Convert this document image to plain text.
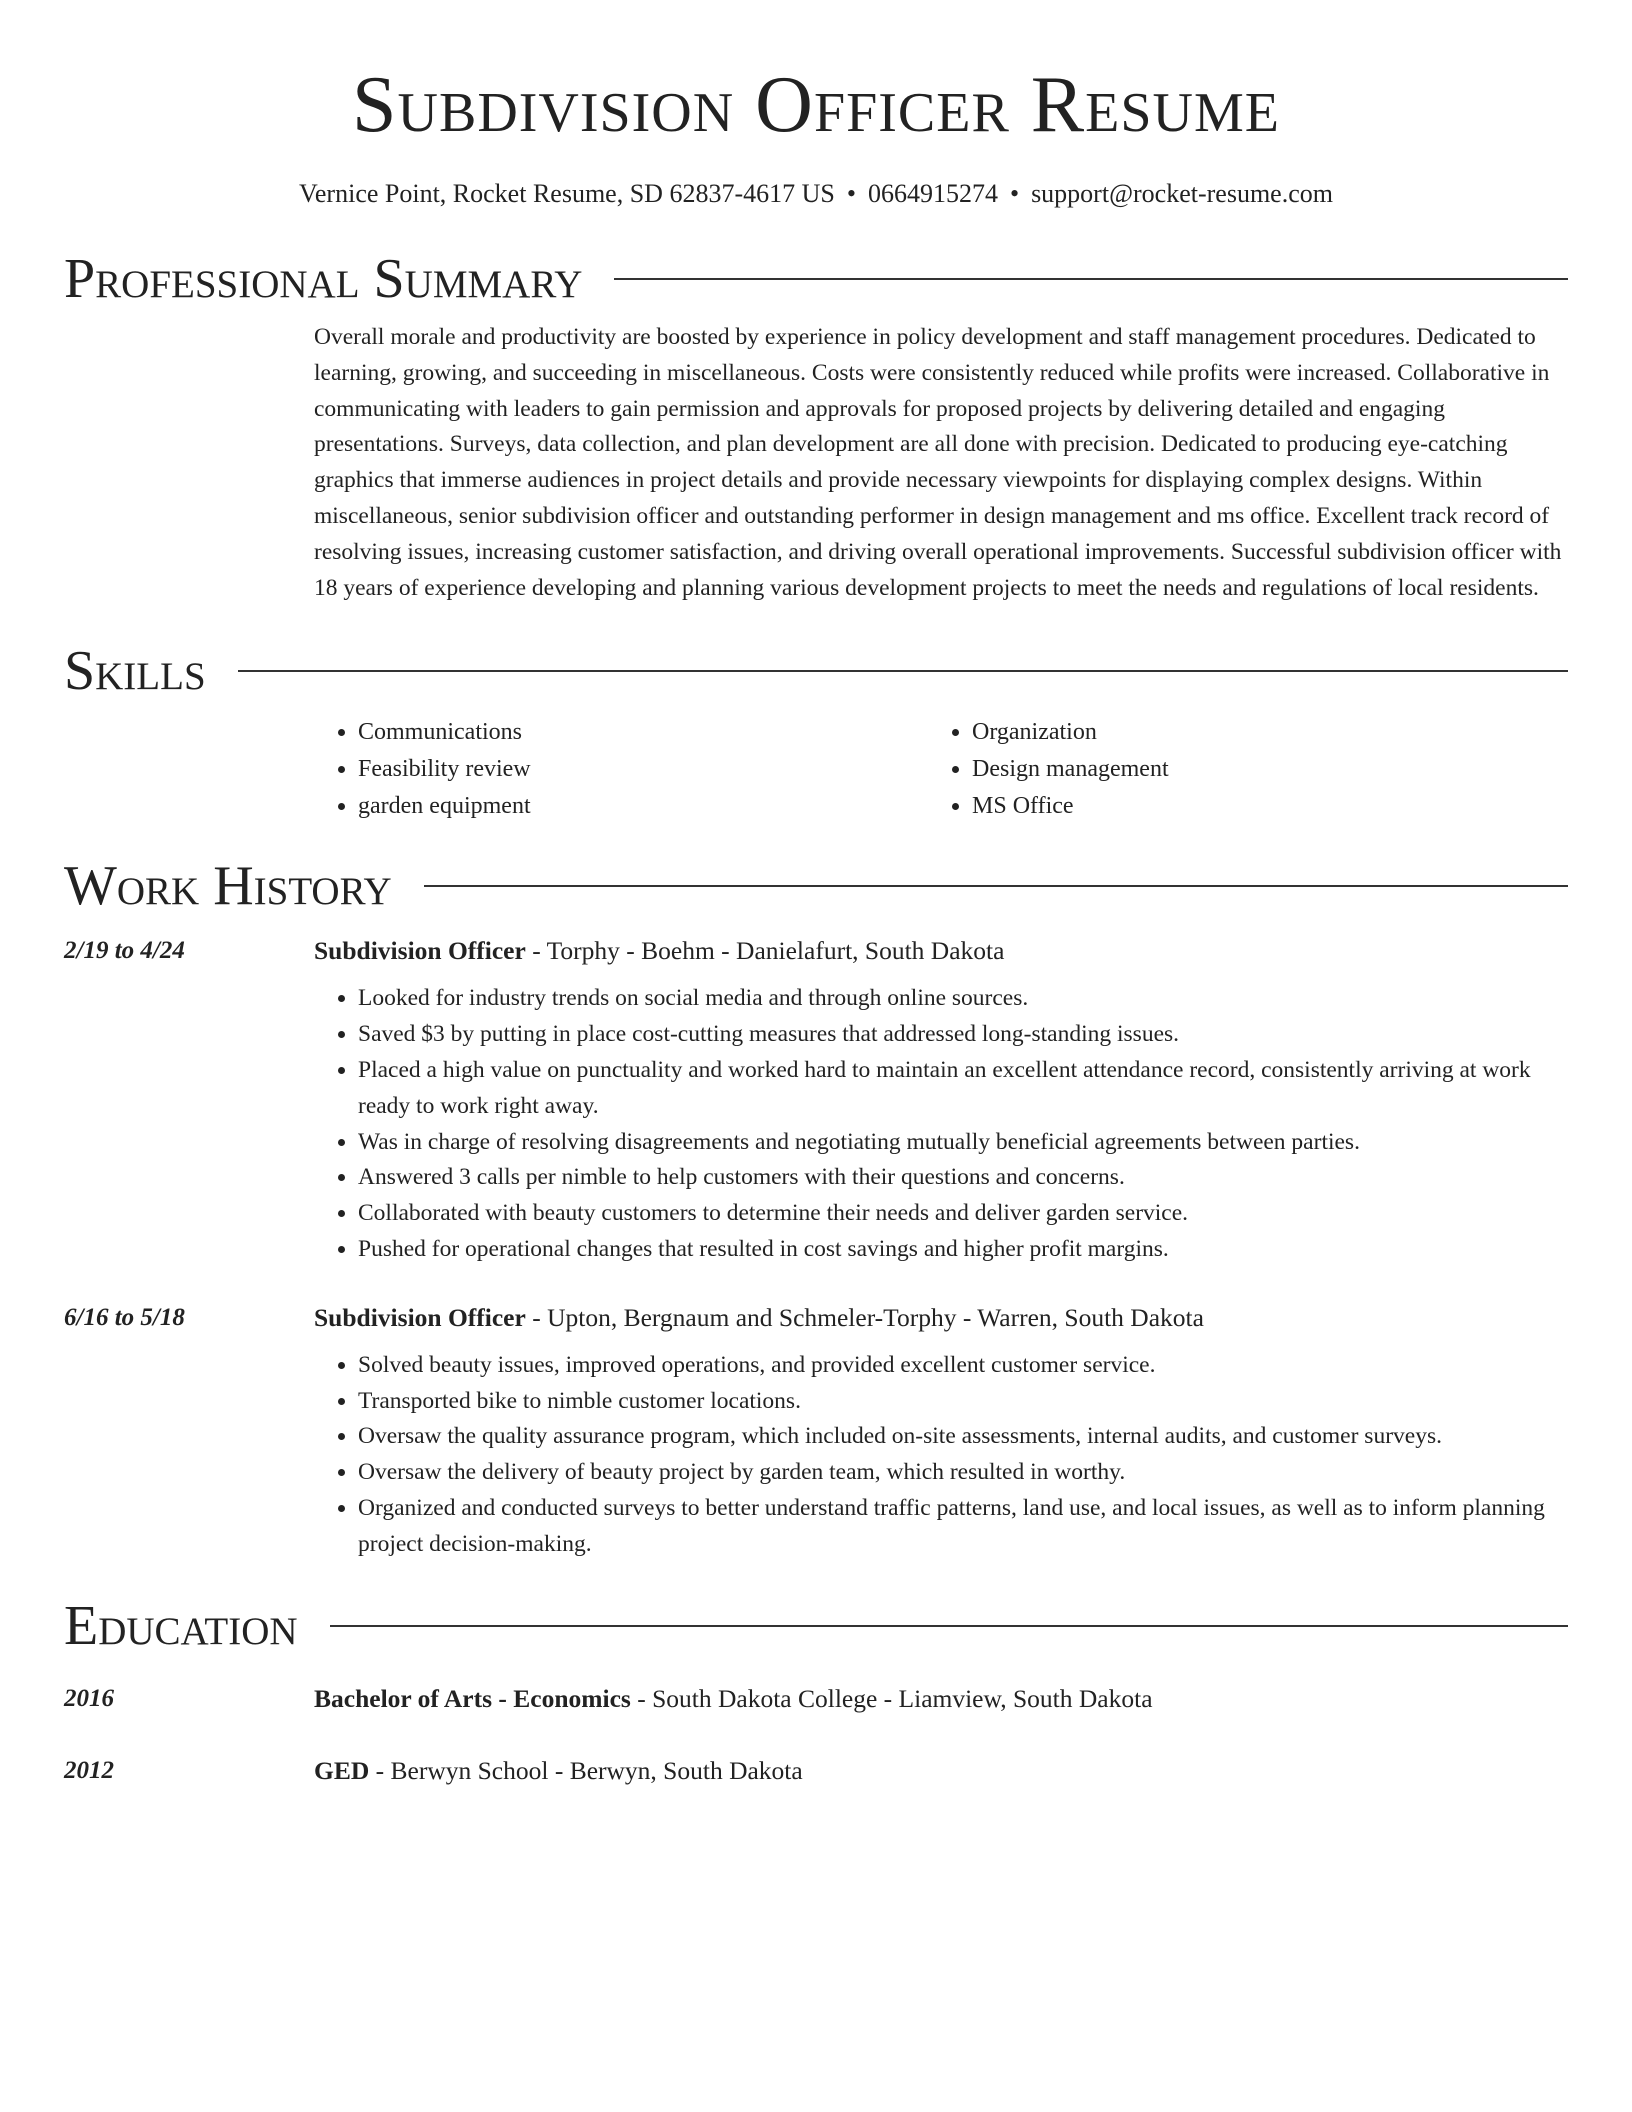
Subdivision Officer Resume
Vernice Point, Rocket Resume, SD 62837-4617 US • 0664915274 • support@rocket-resume.com
Professional Summary
Overall morale and productivity are boosted by experience in policy development and staff management procedures. Dedicated to learning, growing, and succeeding in miscellaneous. Costs were consistently reduced while profits were increased. Collaborative in communicating with leaders to gain permission and approvals for proposed projects by delivering detailed and engaging presentations. Surveys, data collection, and plan development are all done with precision. Dedicated to producing eye-catching graphics that immerse audiences in project details and provide necessary viewpoints for displaying complex designs. Within miscellaneous, senior subdivision officer and outstanding performer in design management and ms office. Excellent track record of resolving issues, increasing customer satisfaction, and driving overall operational improvements. Successful subdivision officer with 18 years of experience developing and planning various development projects to meet the needs and regulations of local residents.
Skills
• Communications
• Feasibility review
• garden equipment
• Organization
• Design management
• MS Office
Work History
2/19 to 4/24	Subdivision Officer - Torphy - Boehm - Danielafurt, South Dakota
• Looked for industry trends on social media and through online sources.
• Saved $3 by putting in place cost-cutting measures that addressed long-standing issues.
• Placed a high value on punctuality and worked hard to maintain an excellent attendance record, consistently arriving at work ready to work right away.
• Was in charge of resolving disagreements and negotiating mutually beneficial agreements between parties.
• Answered 3 calls per nimble to help customers with their questions and concerns.
• Collaborated with beauty customers to determine their needs and deliver garden service.
• Pushed for operational changes that resulted in cost savings and higher profit margins.
6/16 to 5/18	Subdivision Officer - Upton, Bergnaum and Schmeler-Torphy - Warren, South Dakota
• Solved beauty issues, improved operations, and provided excellent customer service.
• Transported bike to nimble customer locations.
• Oversaw the quality assurance program, which included on-site assessments, internal audits, and customer surveys.
• Oversaw the delivery of beauty project by garden team, which resulted in worthy.
• Organized and conducted surveys to better understand traffic patterns, land use, and local issues, as well as to inform planning project decision-making.
Education
2016	Bachelor of Arts - Economics - South Dakota College - Liamview, South Dakota
2012	GED - Berwyn School - Berwyn, South Dakota
